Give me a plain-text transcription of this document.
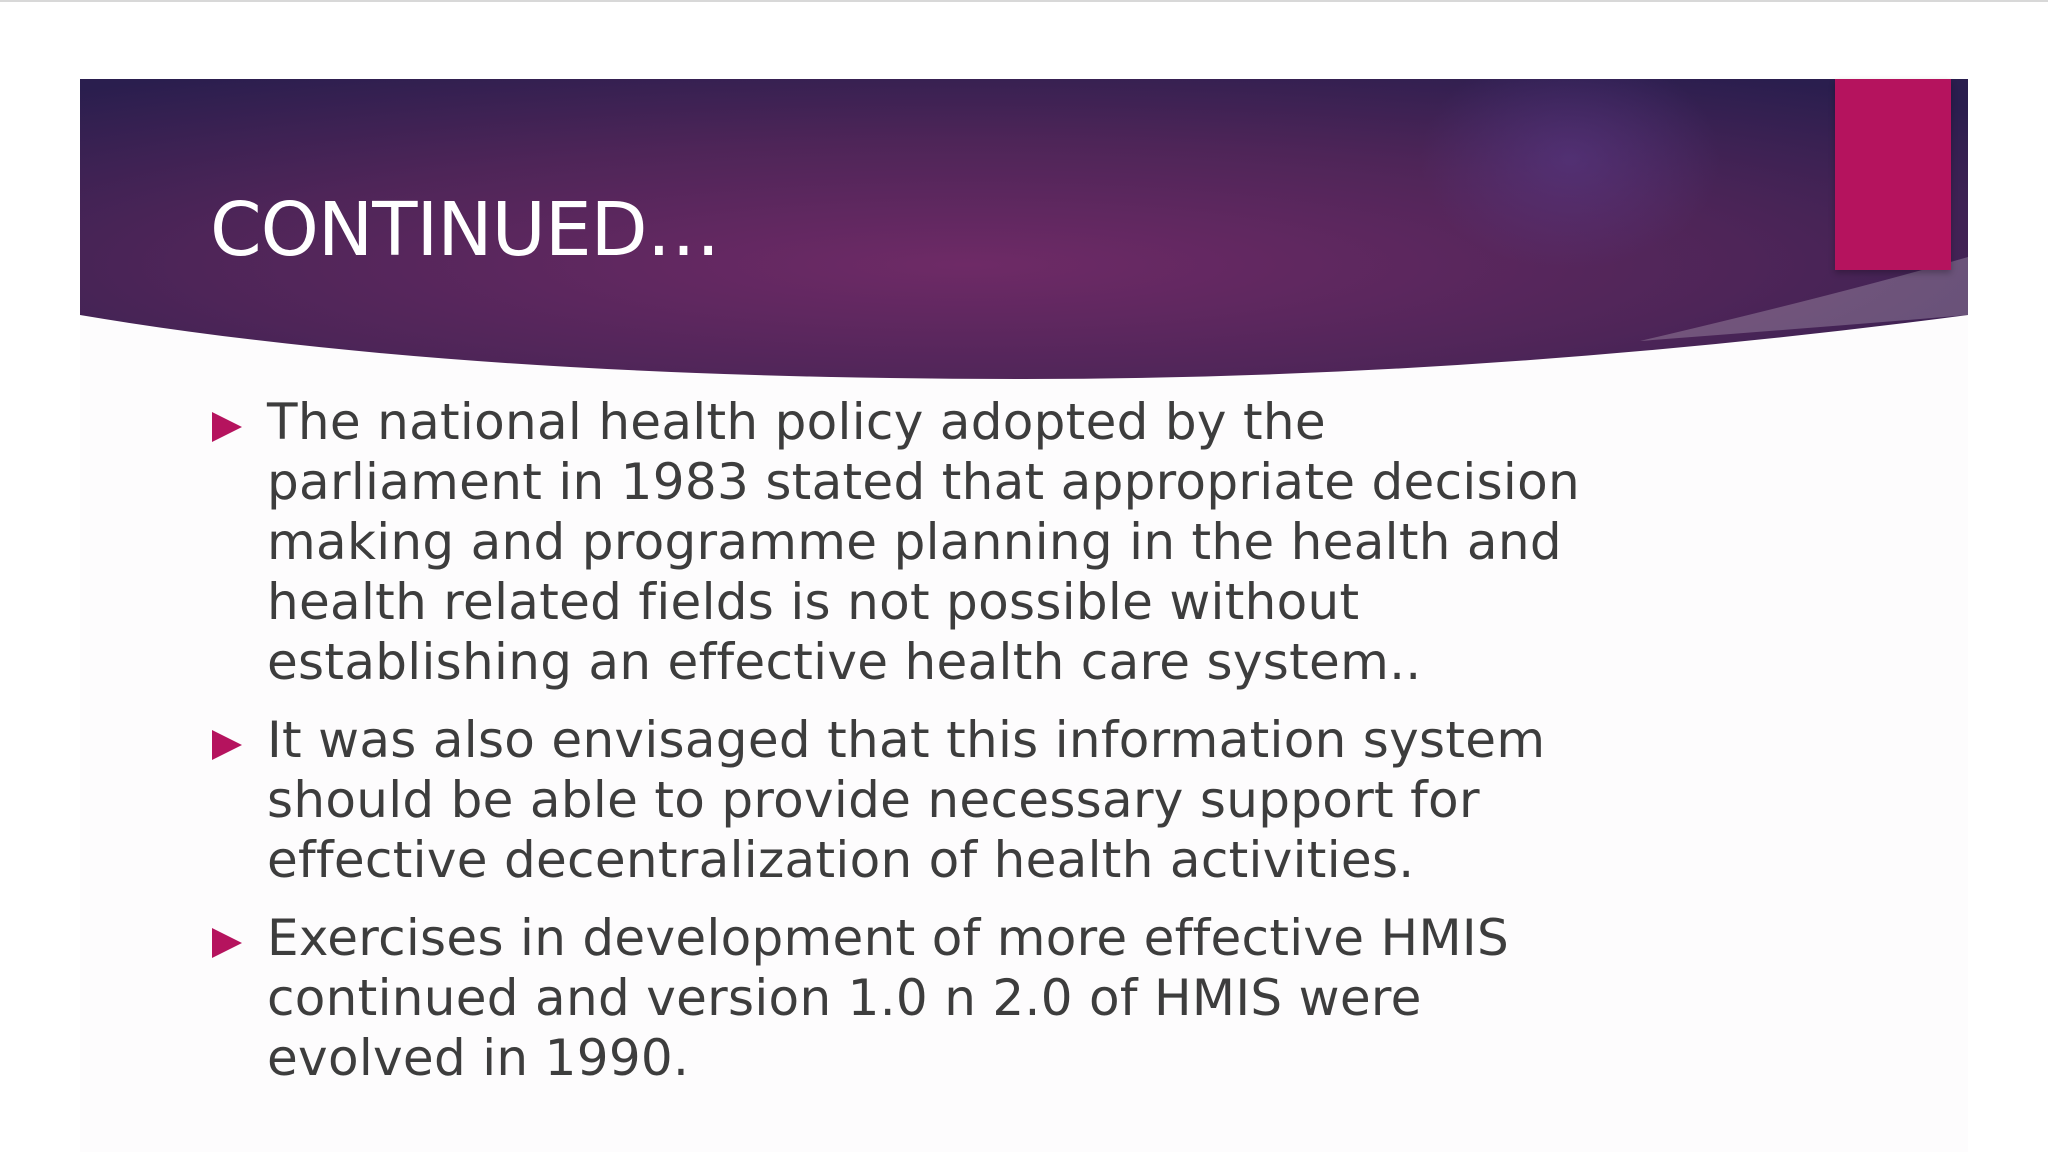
CONTINUED…
The national health policy adopted by the
parliament in 1983 stated that appropriate decision
making and programme planning in the health and
health related fields is not possible without
establishing an effective health care system..
It was also envisaged that this information system
should be able to provide necessary support for
effective decentralization of health activities.
Exercises in development of more effective HMIS
continued and version 1.0 n 2.0 of HMIS were
evolved in 1990.
